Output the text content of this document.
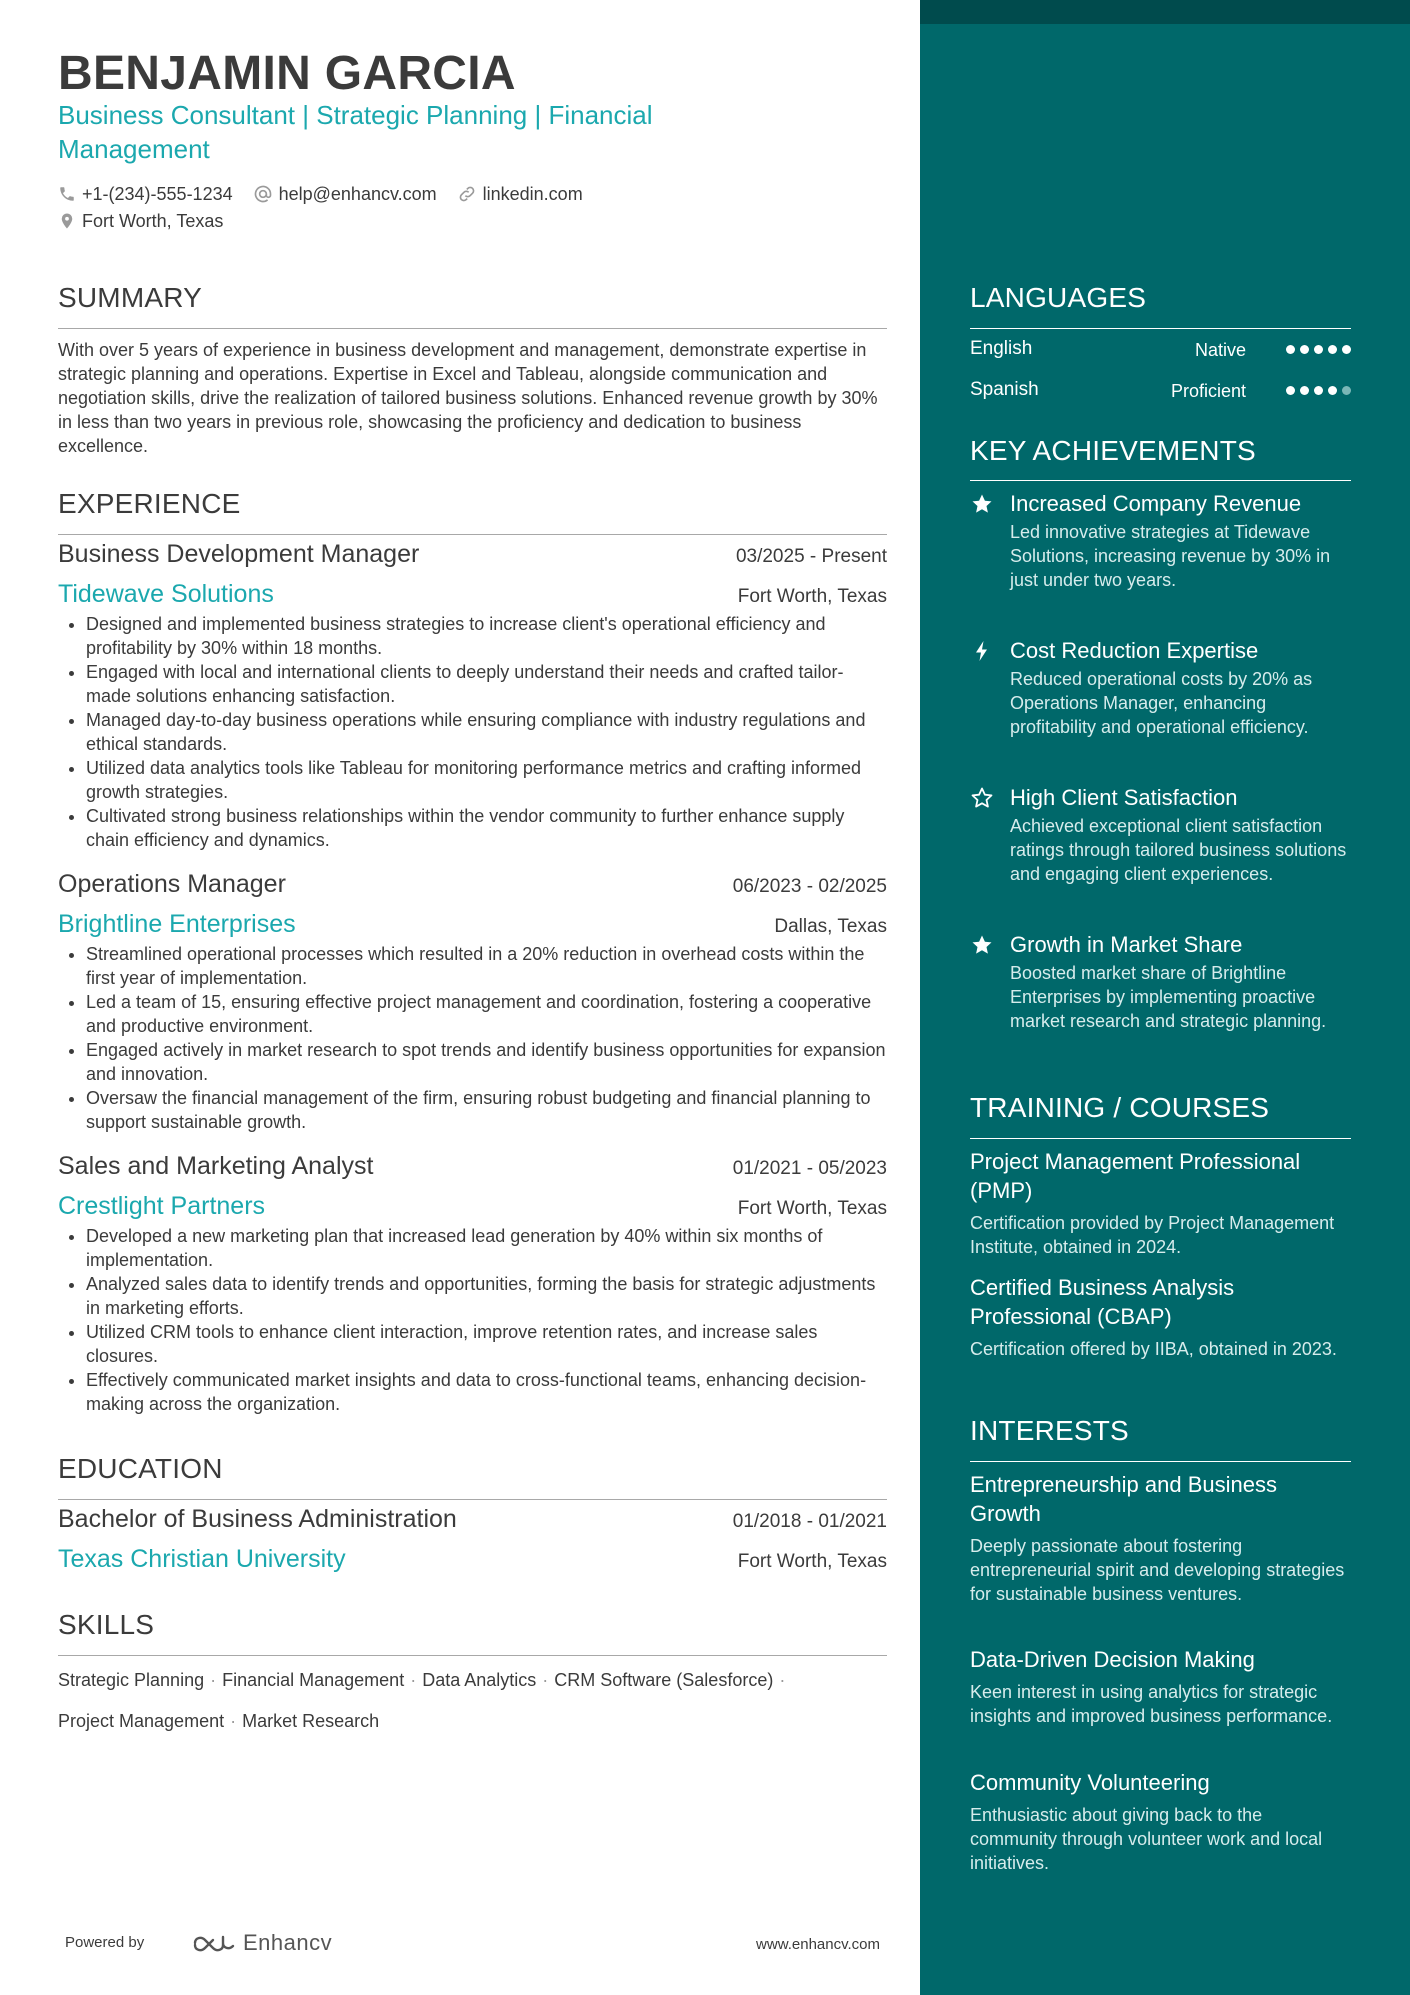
BENJAMIN GARCIA
Business Consultant | Strategic Planning | Financial Management
+1-(234)-555-1234	help@enhancv.com	linkedin.com
Fort Worth, Texas
SUMMARY
With over 5 years of experience in business development and management, demonstrate expertise in strategic planning and operations. Expertise in Excel and Tableau, alongside communication and negotiation skills, drive the realization of tailored business solutions. Enhanced revenue growth by 30% in less than two years in previous role, showcasing the proficiency and dedication to business excellence.
EXPERIENCE
Business Development Manager	03/2025 - Present
Tidewave Solutions	Fort Worth, Texas
• Designed and implemented business strategies to increase client's operational efficiency and profitability by 30% within 18 months.
• Engaged with local and international clients to deeply understand their needs and crafted tailor-made solutions enhancing satisfaction.
• Managed day-to-day business operations while ensuring compliance with industry regulations and ethical standards.
• Utilized data analytics tools like Tableau for monitoring performance metrics and crafting informed growth strategies.
• Cultivated strong business relationships within the vendor community to further enhance supply chain efficiency and dynamics.
Operations Manager	06/2023 - 02/2025
Brightline Enterprises	Dallas, Texas
• Streamlined operational processes which resulted in a 20% reduction in overhead costs within the first year of implementation.
• Led a team of 15, ensuring effective project management and coordination, fostering a cooperative and productive environment.
• Engaged actively in market research to spot trends and identify business opportunities for expansion and innovation.
• Oversaw the financial management of the firm, ensuring robust budgeting and financial planning to support sustainable growth.
Sales and Marketing Analyst	01/2021 - 05/2023
Crestlight Partners	Fort Worth, Texas
• Developed a new marketing plan that increased lead generation by 40% within six months of implementation.
• Analyzed sales data to identify trends and opportunities, forming the basis for strategic adjustments in marketing efforts.
• Utilized CRM tools to enhance client interaction, improve retention rates, and increase sales closures.
• Effectively communicated market insights and data to cross-functional teams, enhancing decision-making across the organization.
EDUCATION
Bachelor of Business Administration	01/2018 - 01/2021
Texas Christian University	Fort Worth, Texas
SKILLS
Strategic Planning · Financial Management · Data Analytics · CRM Software (Salesforce) ·
Project Management · Market Research
Powered by	Enhancv	www.enhancv.com
LANGUAGES
English	Native
Spanish	Proficient
KEY ACHIEVEMENTS
Increased Company Revenue
Led innovative strategies at Tidewave Solutions, increasing revenue by 30% in just under two years.
Cost Reduction Expertise
Reduced operational costs by 20% as Operations Manager, enhancing profitability and operational efficiency.
High Client Satisfaction
Achieved exceptional client satisfaction ratings through tailored business solutions and engaging client experiences.
Growth in Market Share
Boosted market share of Brightline Enterprises by implementing proactive market research and strategic planning.
TRAINING / COURSES
Project Management Professional (PMP)
Certification provided by Project Management Institute, obtained in 2024.
Certified Business Analysis Professional (CBAP)
Certification offered by IIBA, obtained in 2023.
INTERESTS
Entrepreneurship and Business Growth
Deeply passionate about fostering entrepreneurial spirit and developing strategies for sustainable business ventures.
Data-Driven Decision Making
Keen interest in using analytics for strategic insights and improved business performance.
Community Volunteering
Enthusiastic about giving back to the community through volunteer work and local initiatives.
